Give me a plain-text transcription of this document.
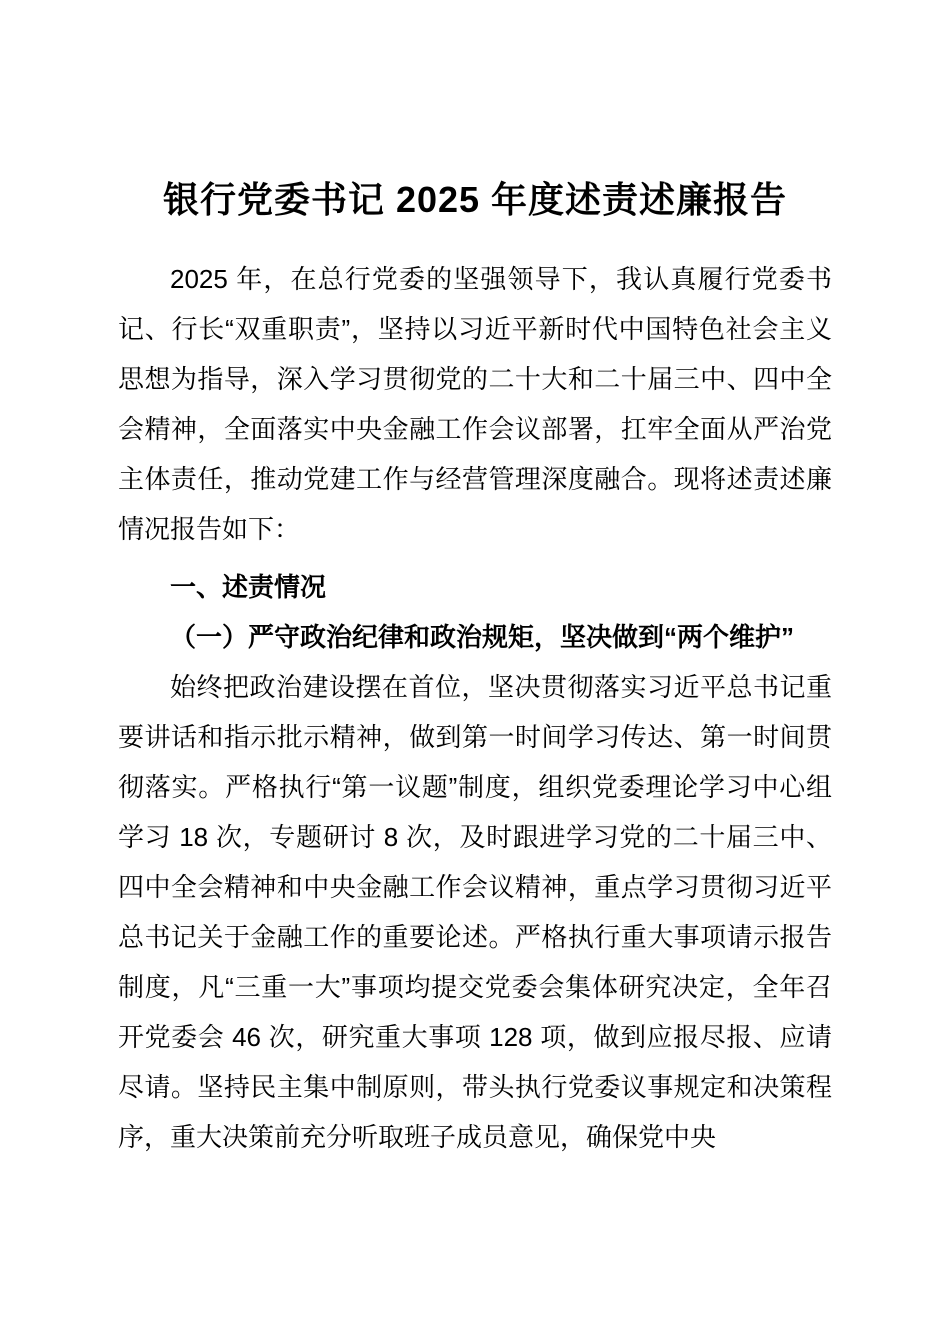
银行党委书记 2025 年度述责述廉报告

2025 年，在总行党委的坚强领导下，我认真履行党委书记、行长“双重职责”，坚持以习近平新时代中国特色社会主义思想为指导，深入学习贯彻党的二十大和二十届三中、四中全会精神，全面落实中央金融工作会议部署，扛牢全面从严治党主体责任，推动党建工作与经营管理深度融合。现将述责述廉情况报告如下：

一、述责情况

（一）严守政治纪律和政治规矩，坚决做到“两个维护”

始终把政治建设摆在首位，坚决贯彻落实习近平总书记重要讲话和指示批示精神，做到第一时间学习传达、第一时间贯彻落实。严格执行“第一议题”制度，组织党委理论学习中心组学习 18 次，专题研讨 8 次，及时跟进学习党的二十届三中、四中全会精神和中央金融工作会议精神，重点学习贯彻习近平总书记关于金融工作的重要论述。严格执行重大事项请示报告制度，凡“三重一大”事项均提交党委会集体研究决定，全年召开党委会 46 次，研究重大事项 128 项，做到应报尽报、应请尽请。坚持民主集中制原则，带头执行党委议事规定和决策程序，重大决策前充分听取班子成员意见，确保党中央
